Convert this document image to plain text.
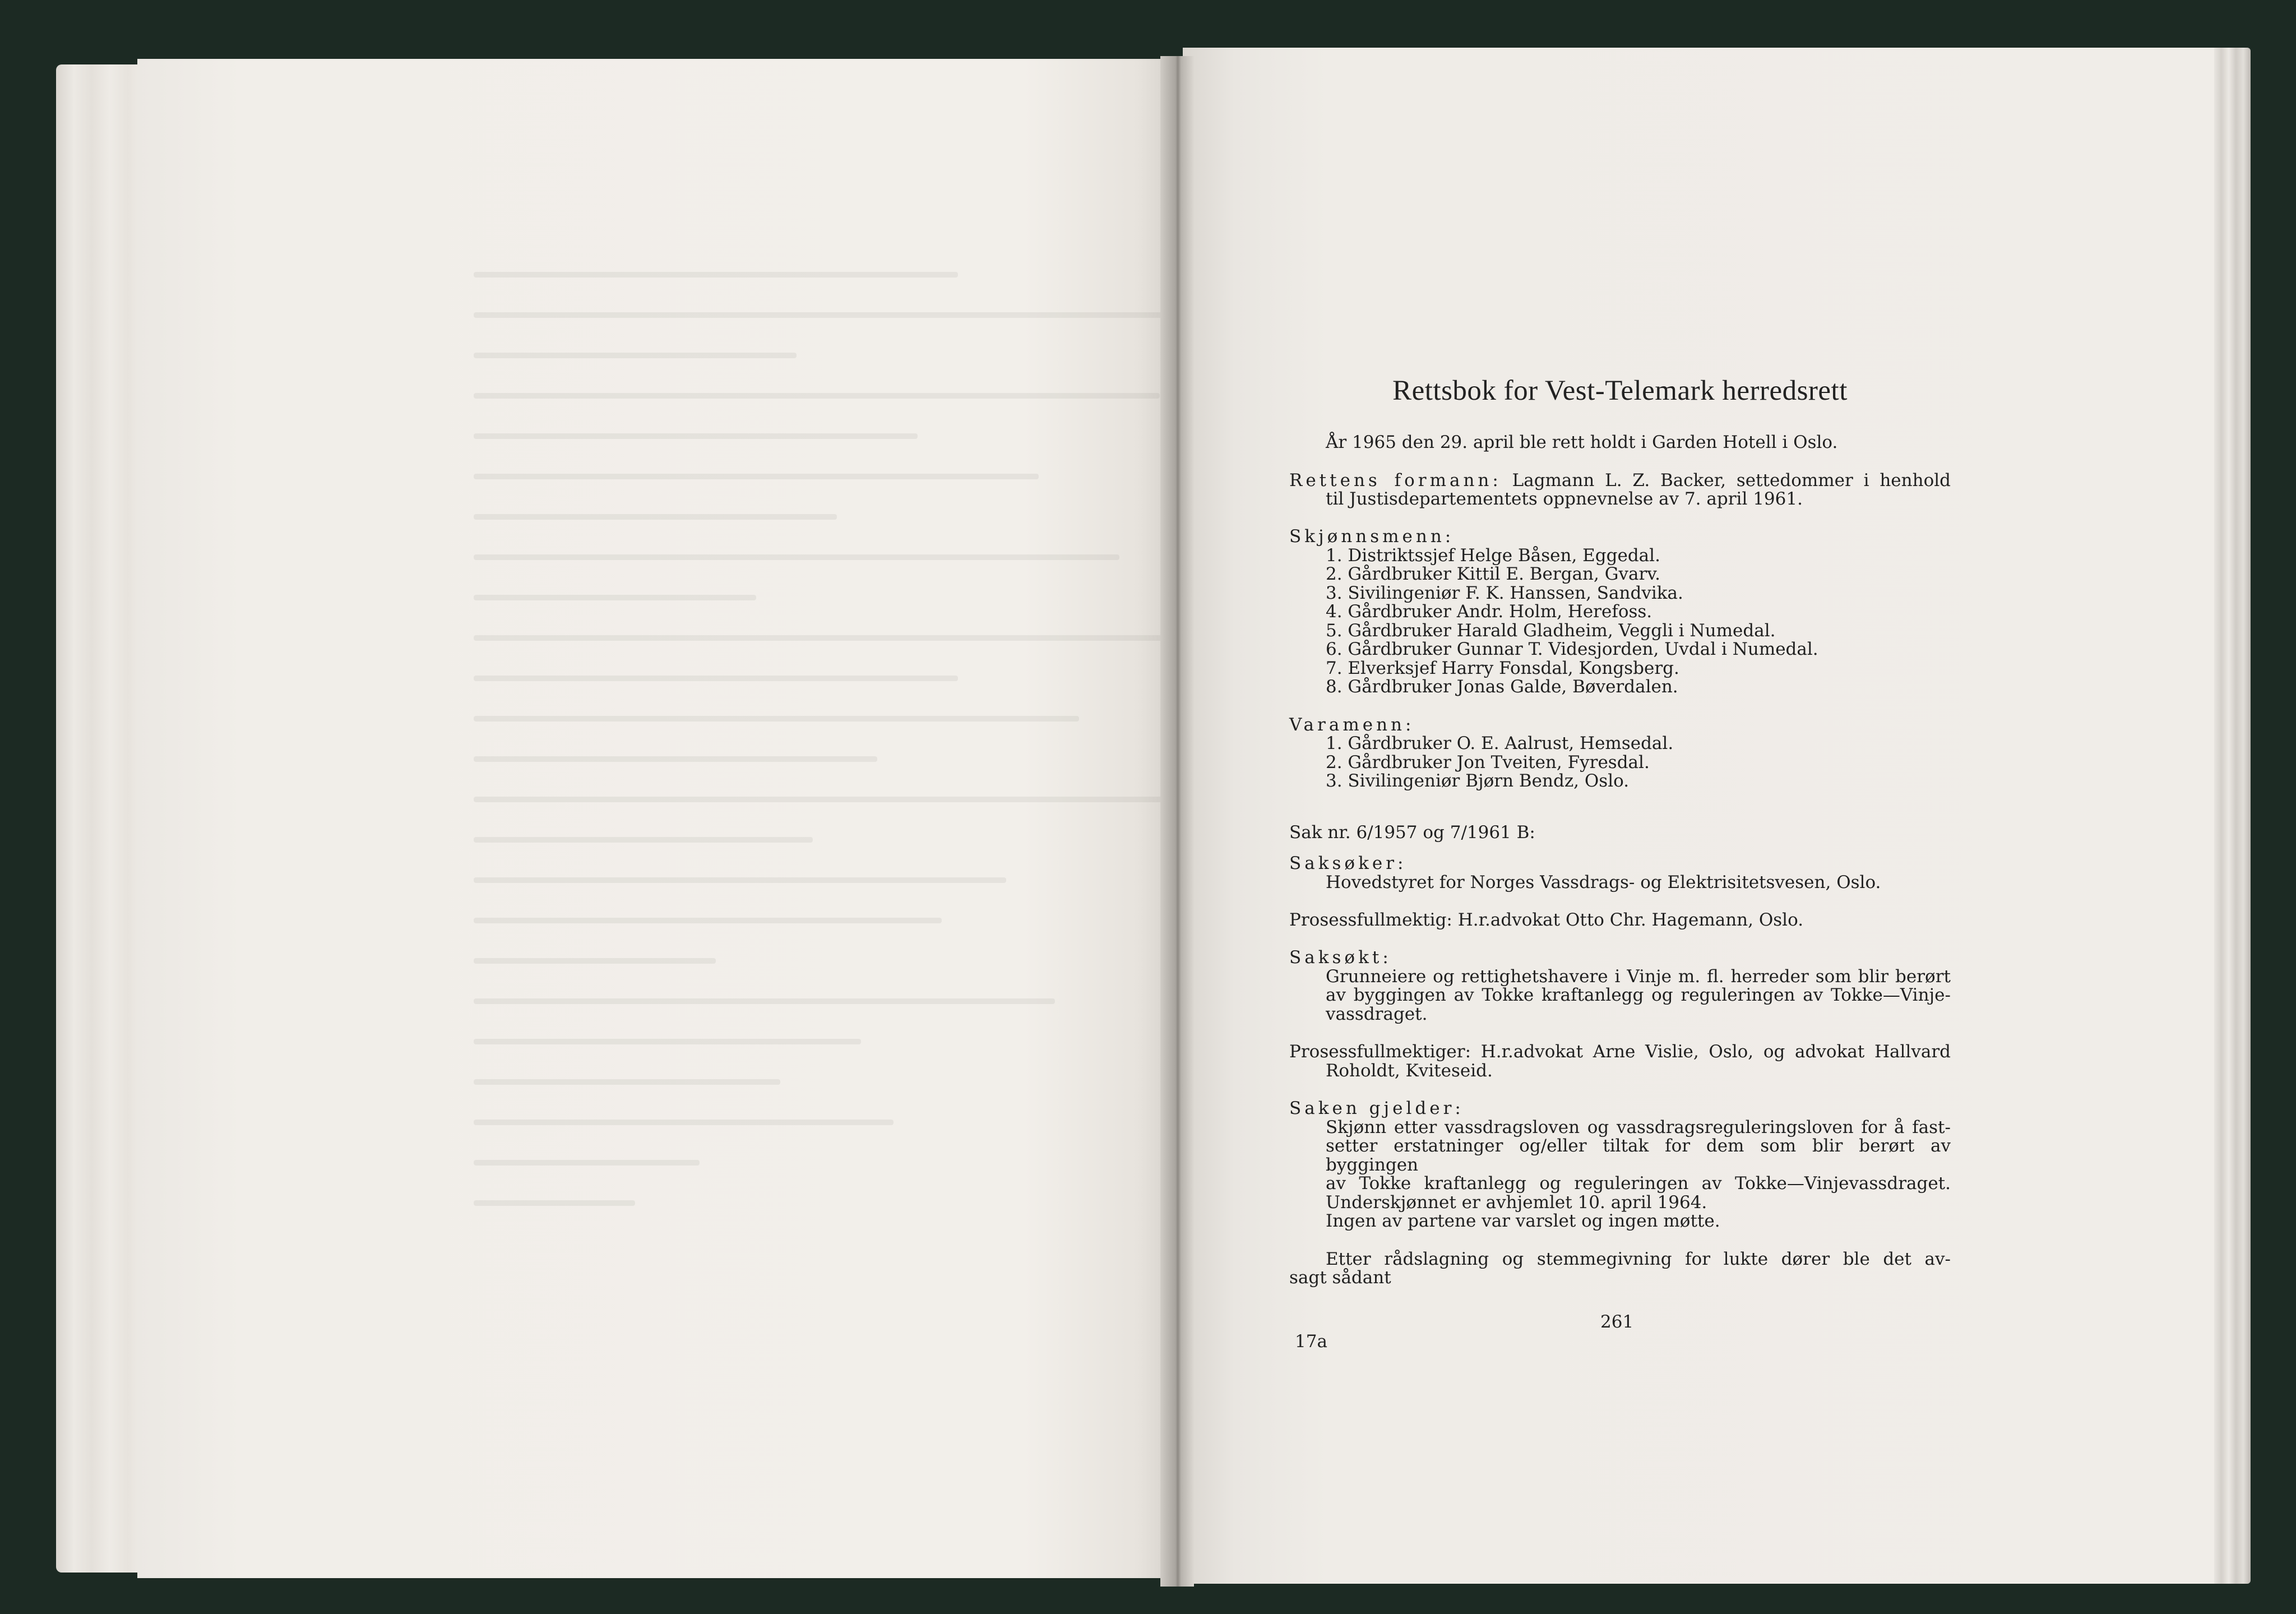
Rettsbok for Vest-Telemark herredsrett

År 1965 den 29. april ble rett holdt i Garden Hotell i Oslo.

Rettens formann: Lagmann L. Z. Backer, settedommer i henhold

til Justisdepartementets oppnevnelse av 7. april 1961.

Skjønnsmenn:

1. Distriktssjef Helge Båsen, Eggedal.

2. Gårdbruker Kittil E. Bergan, Gvarv.

3. Sivilingeniør F. K. Hanssen, Sandvika.

4. Gårdbruker Andr. Holm, Herefoss.

5. Gårdbruker Harald Gladheim, Veggli i Numedal.

6. Gårdbruker Gunnar T. Videsjorden, Uvdal i Numedal.

7. Elverksjef Harry Fonsdal, Kongsberg.

8. Gårdbruker Jonas Galde, Bøverdalen.

Varamenn:

1. Gårdbruker O. E. Aalrust, Hemsedal.

2. Gårdbruker Jon Tveiten, Fyresdal.

3. Sivilingeniør Bjørn Bendz, Oslo.

Sak nr. 6/1957 og 7/1961 B:

Saksøker:

Hovedstyret for Norges Vassdrags- og Elektrisitetsvesen, Oslo.

Prosessfullmektig: H.r.advokat Otto Chr. Hagemann, Oslo.

Saksøkt:

Grunneiere og rettighetshavere i Vinje m. fl. herreder som blir berørt

av byggingen av Tokke kraftanlegg og reguleringen av Tokke—Vinje-

vassdraget.

Prosessfullmektiger: H.r.advokat Arne Vislie, Oslo, og advokat Hallvard

Roholdt, Kviteseid.

Saken gjelder:

Skjønn etter vassdragsloven og vassdragsreguleringsloven for å fast-

setter erstatninger og/eller tiltak for dem som blir berørt av byggingen

av Tokke kraftanlegg og reguleringen av Tokke—Vinjevassdraget.

Underskjønnet er avhjemlet 10. april 1964.

Ingen av partene var varslet og ingen møtte.

Etter rådslagning og stemmegivning for lukte dører ble det av-

sagt sådant

261
17a
